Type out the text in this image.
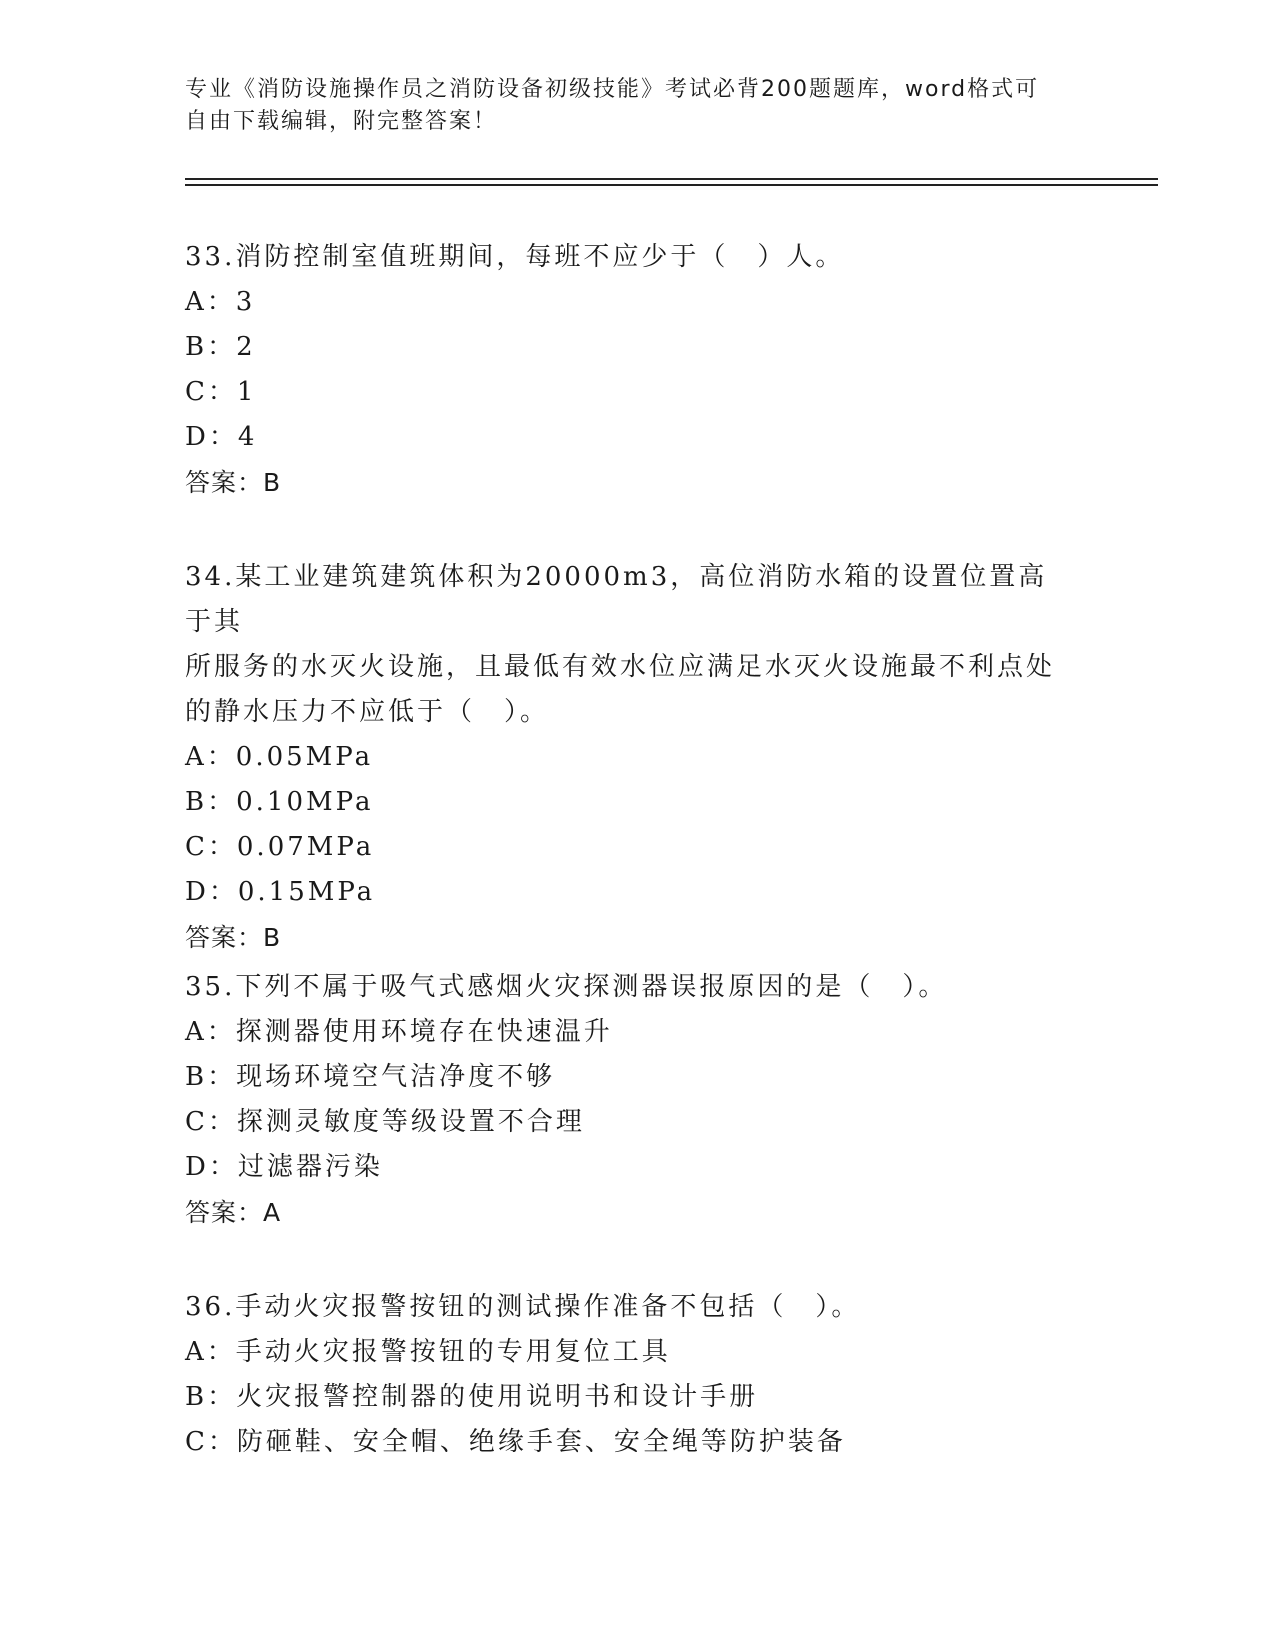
专业《消防设施操作员之消防设备初级技能》考试必背200题题库，word格式可
自由下载编辑，附完整答案！

33.消防控制室值班期间，每班不应少于（　）人。

A：3

B：2

C：1

D：4

答案：B

34.某工业建筑建筑体积为20000m3，高位消防水箱的设置位置高于其

所服务的水灭火设施，且最低有效水位应满足水灭火设施最不利点处

的静水压力不应低于（　）。

A：0.05MPa

B：0.10MPa

C：0.07MPa

D：0.15MPa

答案：B

35.下列不属于吸气式感烟火灾探测器误报原因的是（　）。

A：探测器使用环境存在快速温升

B：现场环境空气洁净度不够

C：探测灵敏度等级设置不合理

D：过滤器污染

答案：A

36.手动火灾报警按钮的测试操作准备不包括（　）。

A：手动火灾报警按钮的专用复位工具

B：火灾报警控制器的使用说明书和设计手册

C：防砸鞋、安全帽、绝缘手套、安全绳等防护装备
